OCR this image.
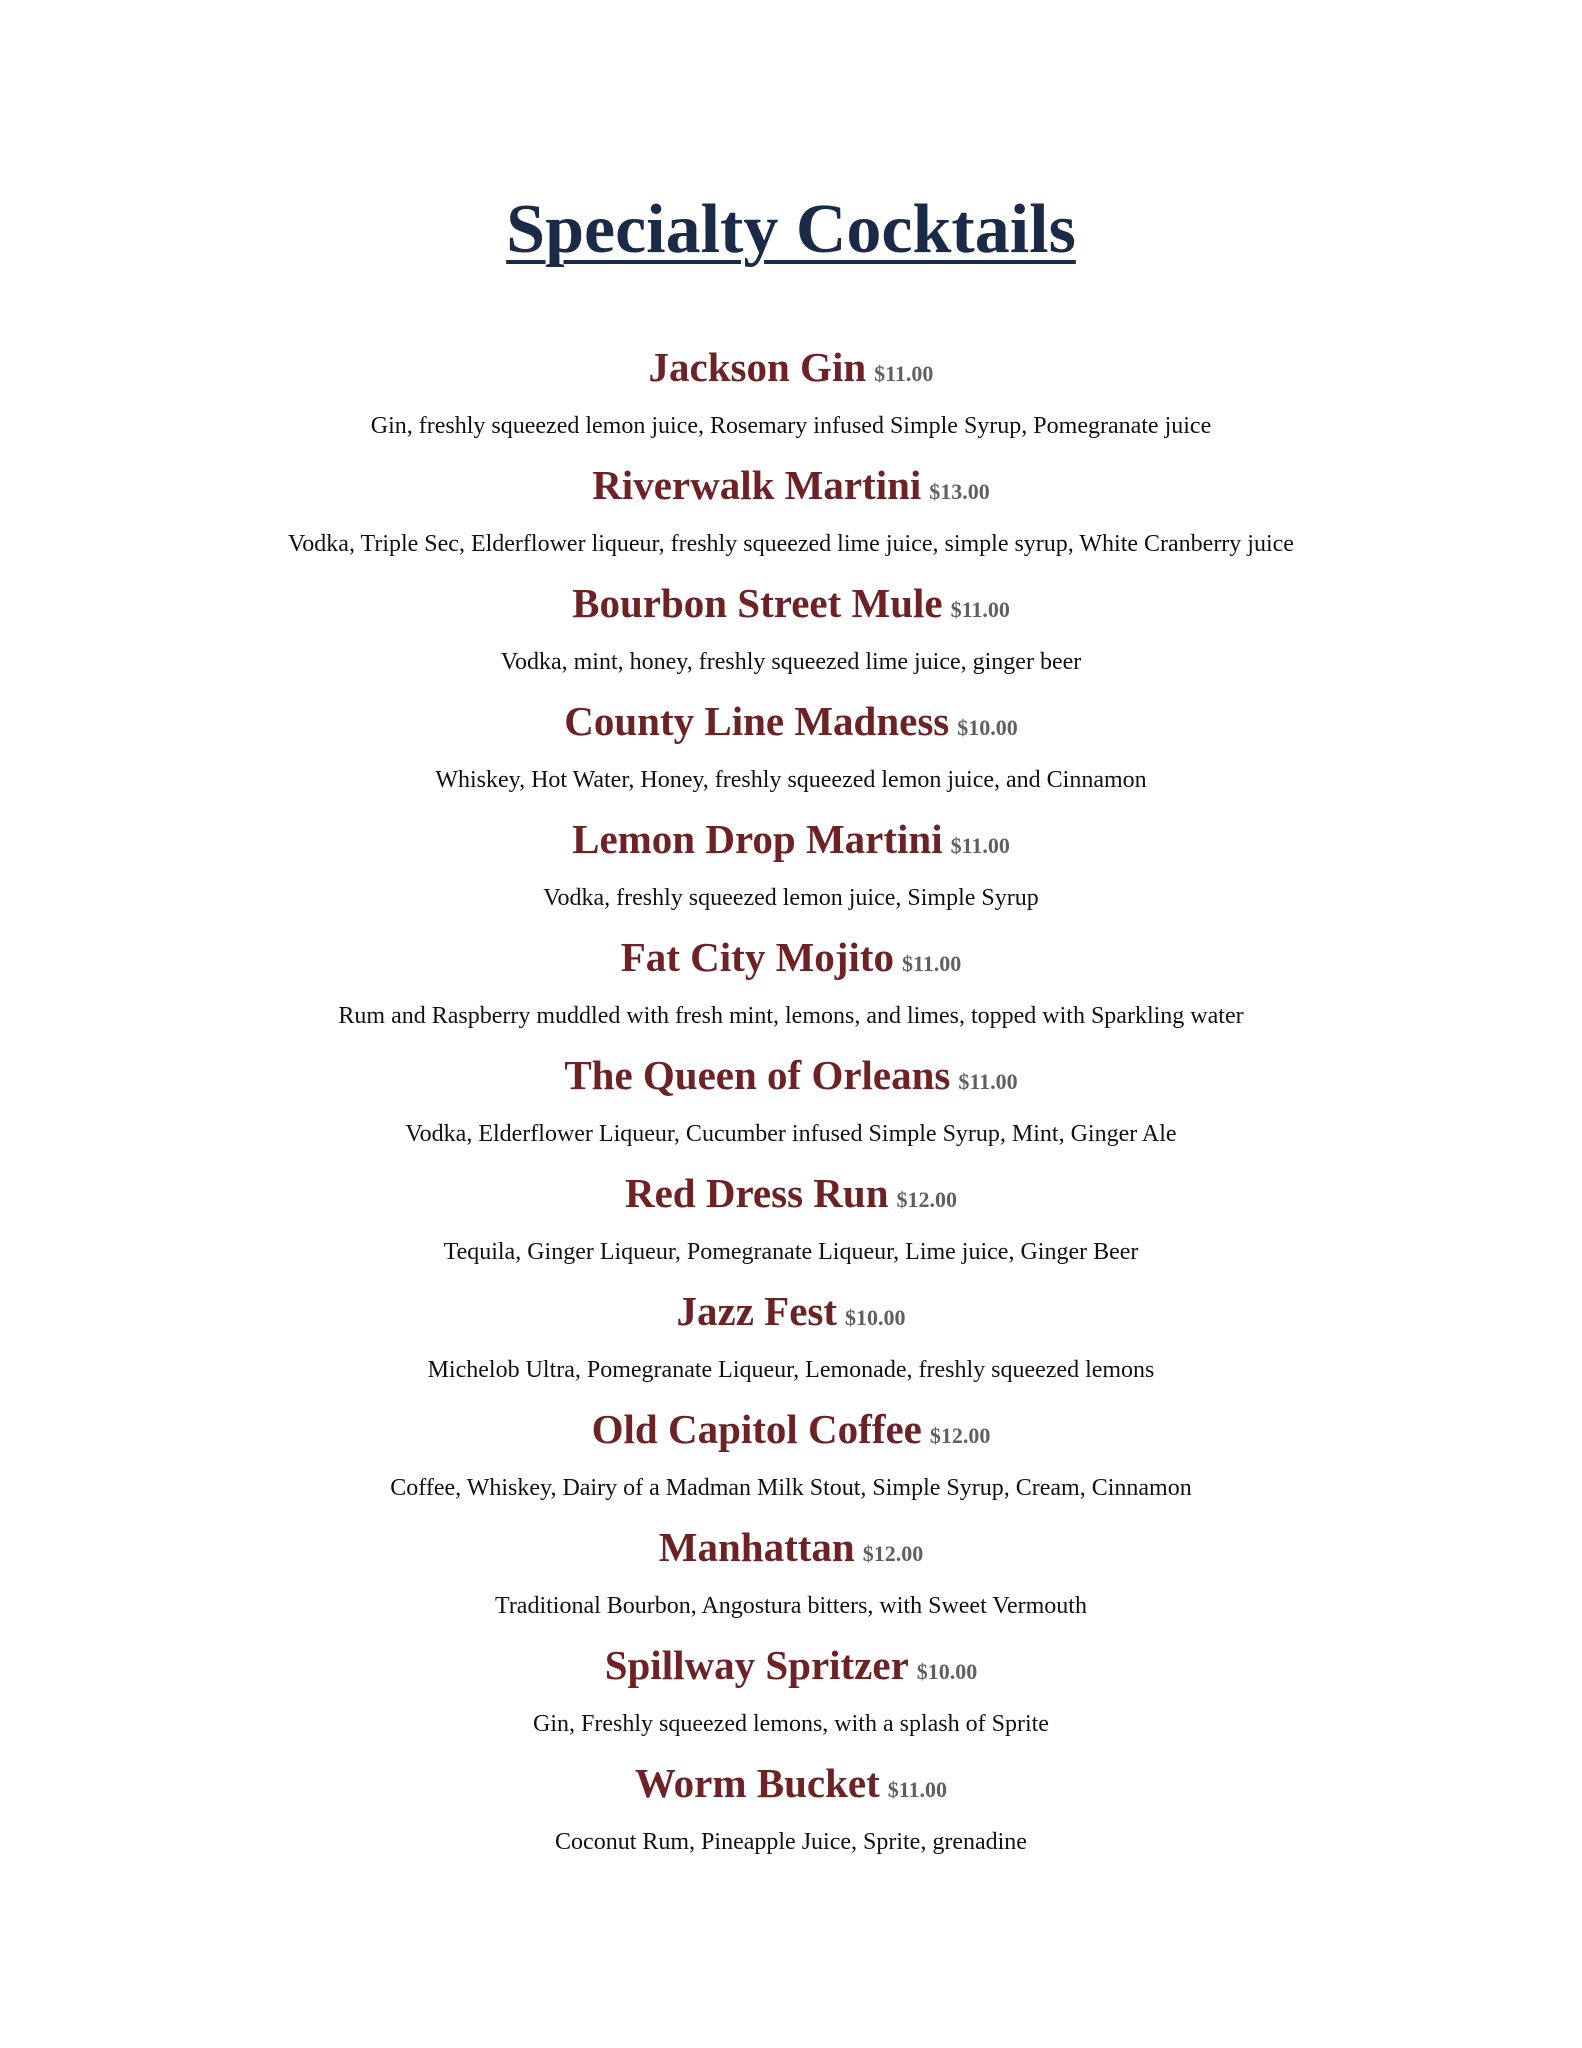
Specialty Cocktails
Jackson Gin $11.00
Gin, freshly squeezed lemon juice, Rosemary infused Simple Syrup, Pomegranate juice
Riverwalk Martini $13.00
Vodka, Triple Sec, Elderflower liqueur, freshly squeezed lime juice, simple syrup, White Cranberry juice
Bourbon Street Mule $11.00
Vodka, mint, honey, freshly squeezed lime juice, ginger beer
County Line Madness $10.00
Whiskey, Hot Water, Honey, freshly squeezed lemon juice, and Cinnamon
Lemon Drop Martini $11.00
Vodka, freshly squeezed lemon juice, Simple Syrup
Fat City Mojito $11.00
Rum and Raspberry muddled with fresh mint, lemons, and limes, topped with Sparkling water
The Queen of Orleans $11.00
Vodka, Elderflower Liqueur, Cucumber infused Simple Syrup, Mint, Ginger Ale
Red Dress Run $12.00
Tequila, Ginger Liqueur, Pomegranate Liqueur, Lime juice, Ginger Beer
Jazz Fest $10.00
Michelob Ultra, Pomegranate Liqueur, Lemonade, freshly squeezed lemons
Old Capitol Coffee $12.00
Coffee, Whiskey, Dairy of a Madman Milk Stout, Simple Syrup, Cream, Cinnamon
Manhattan $12.00
Traditional Bourbon, Angostura bitters, with Sweet Vermouth
Spillway Spritzer $10.00
Gin, Freshly squeezed lemons, with a splash of Sprite
Worm Bucket $11.00
Coconut Rum, Pineapple Juice, Sprite, grenadine
